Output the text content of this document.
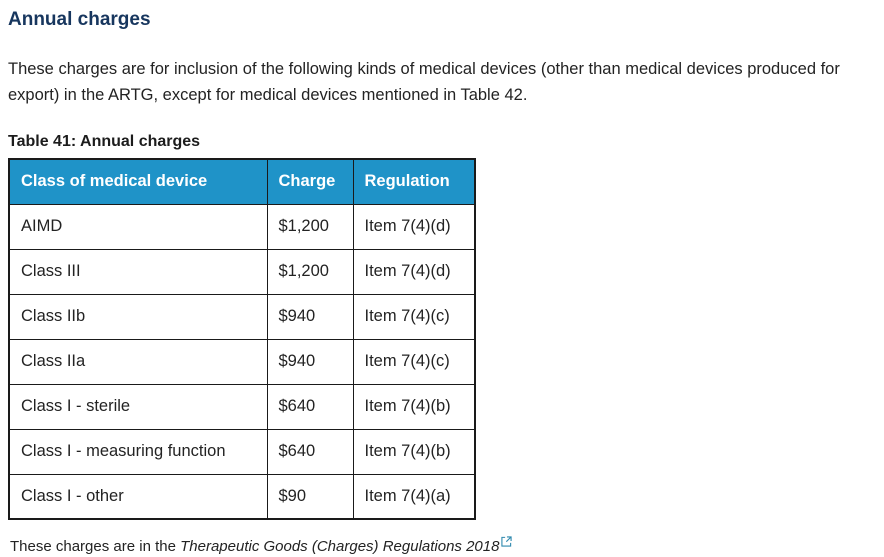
Annual charges

These charges are for inclusion of the following kinds of medical devices (other than medical devices produced for export) in the ARTG, except for medical devices mentioned in Table 42.

Table 41: Annual charges
Class of medical device	Charge	Regulation
AIMD	$1,200	Item 7(4)(d)
Class III	$1,200	Item 7(4)(d)
Class IIb	$940	Item 7(4)(c)
Class IIa	$940	Item 7(4)(c)
Class I - sterile	$640	Item 7(4)(b)
Class I - measuring function	$640	Item 7(4)(b)
Class I - other	$90	Item 7(4)(a)
These charges are in the Therapeutic Goods (Charges) Regulations 2018
